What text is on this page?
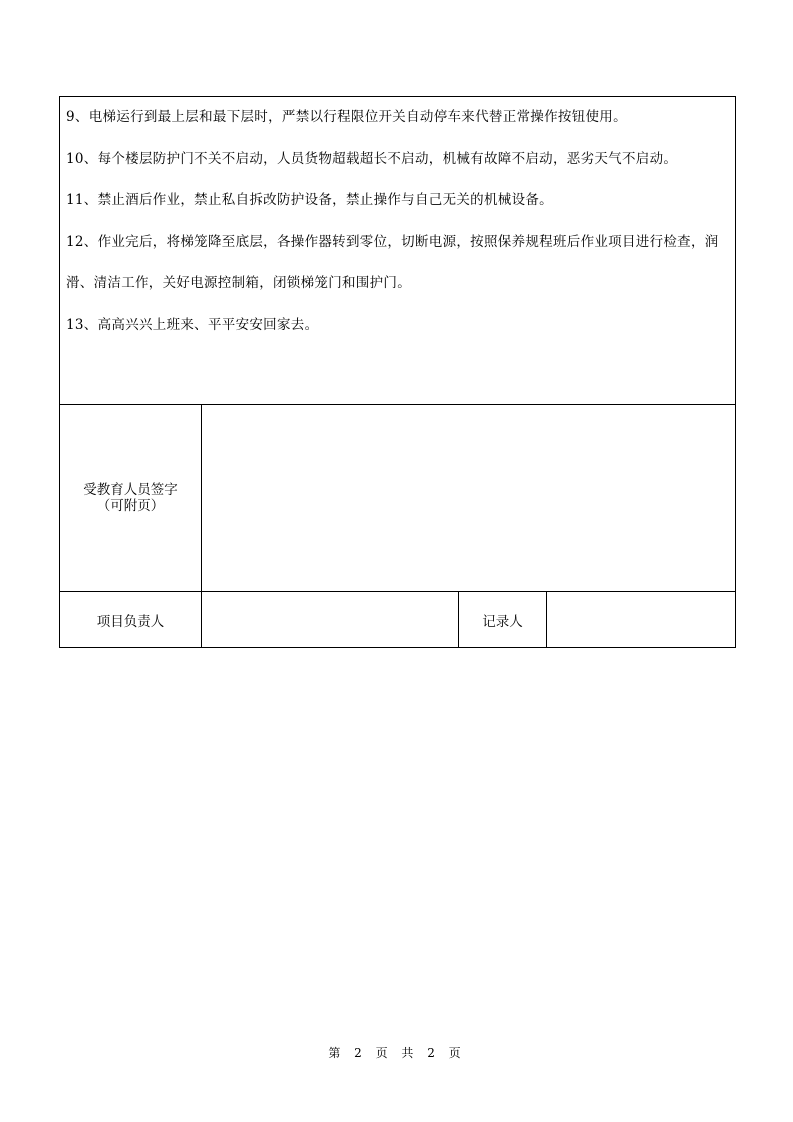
9、电梯运行到最上层和最下层时，严禁以行程限位开关自动停车来代替正常操作按钮使用。

10、每个楼层防护门不关不启动，人员货物超载超长不启动，机械有故障不启动，恶劣天气不启动。

11、禁止酒后作业，禁止私自拆改防护设备，禁止操作与自己无关的机械设备。

12、作业完后，将梯笼降至底层，各操作器转到零位，切断电源，按照保养规程班后作业项目进行检查，润滑、清洁工作，关好电源控制箱，闭锁梯笼门和围护门。

13、高高兴兴上班来、平平安安回家去。			

受教育人员签字
（可附页）			

项目负责人		记录人	
第 2 页 共 2 页
